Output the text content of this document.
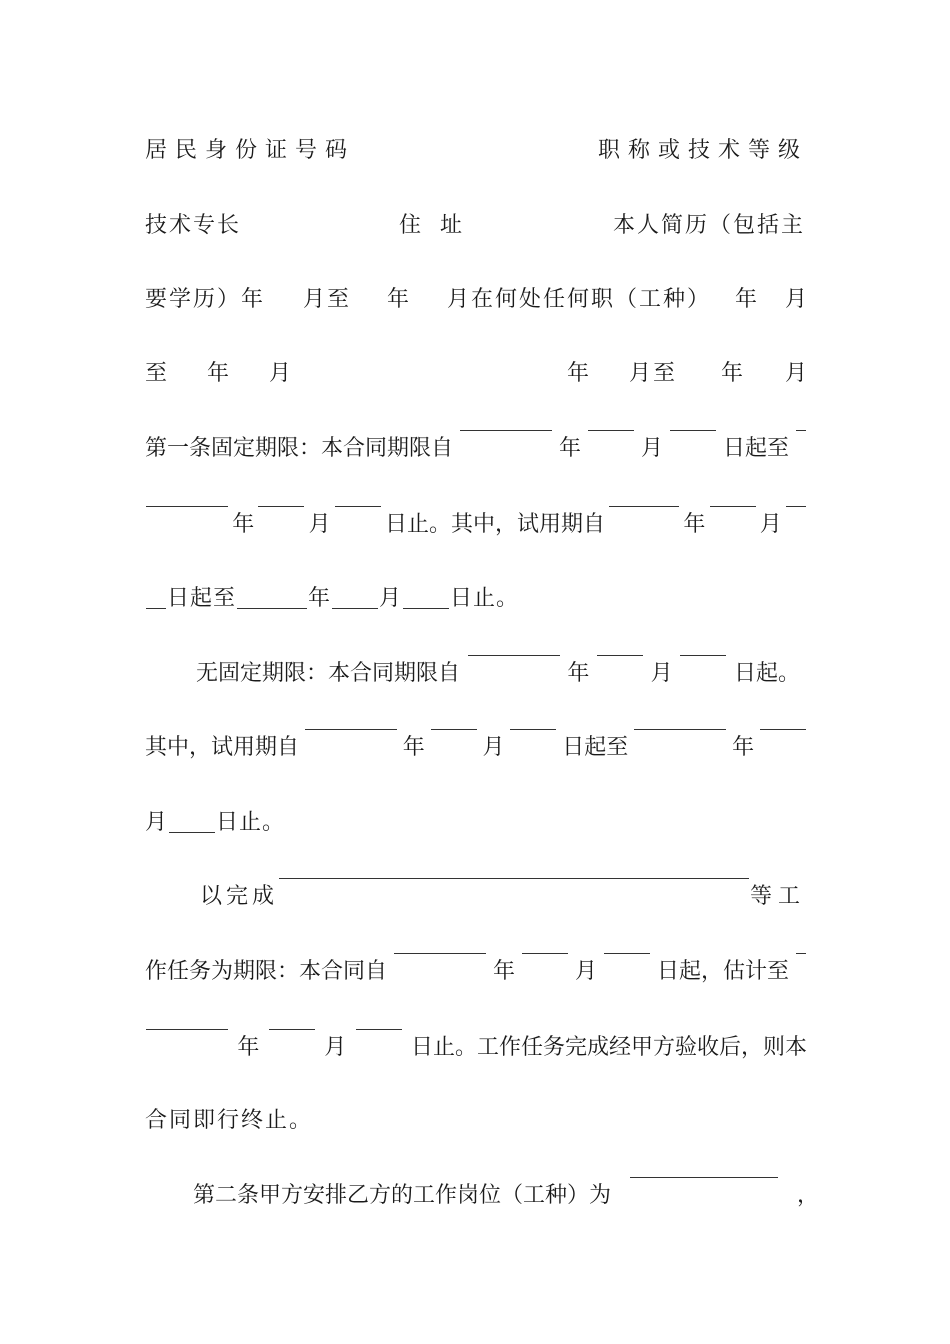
居民身份证号码	职称或技术等级
技术专长	住 址	本人简历（包括主
要学历）年 月至 年 月在何处任何职（工种） 年 月
至 年 月	年 月至 年 月
第一条固定期限：本合同期限自	年	月	日起至
年 月 日止。其中，试用期自	年 月
日起至	年 月 日止。
无固定期限：本合同期限自	年	月	日起。
其中，试用期自	年	月	日起至	年
月 日止。
以完成	等工
作任务为期限：本合同自	年	月	日起，估计至
年	月	日止。工作任务完成经甲方验收后，则本
合同即行终止。
第二条甲方安排乙方的工作岗位（工种）为	，
